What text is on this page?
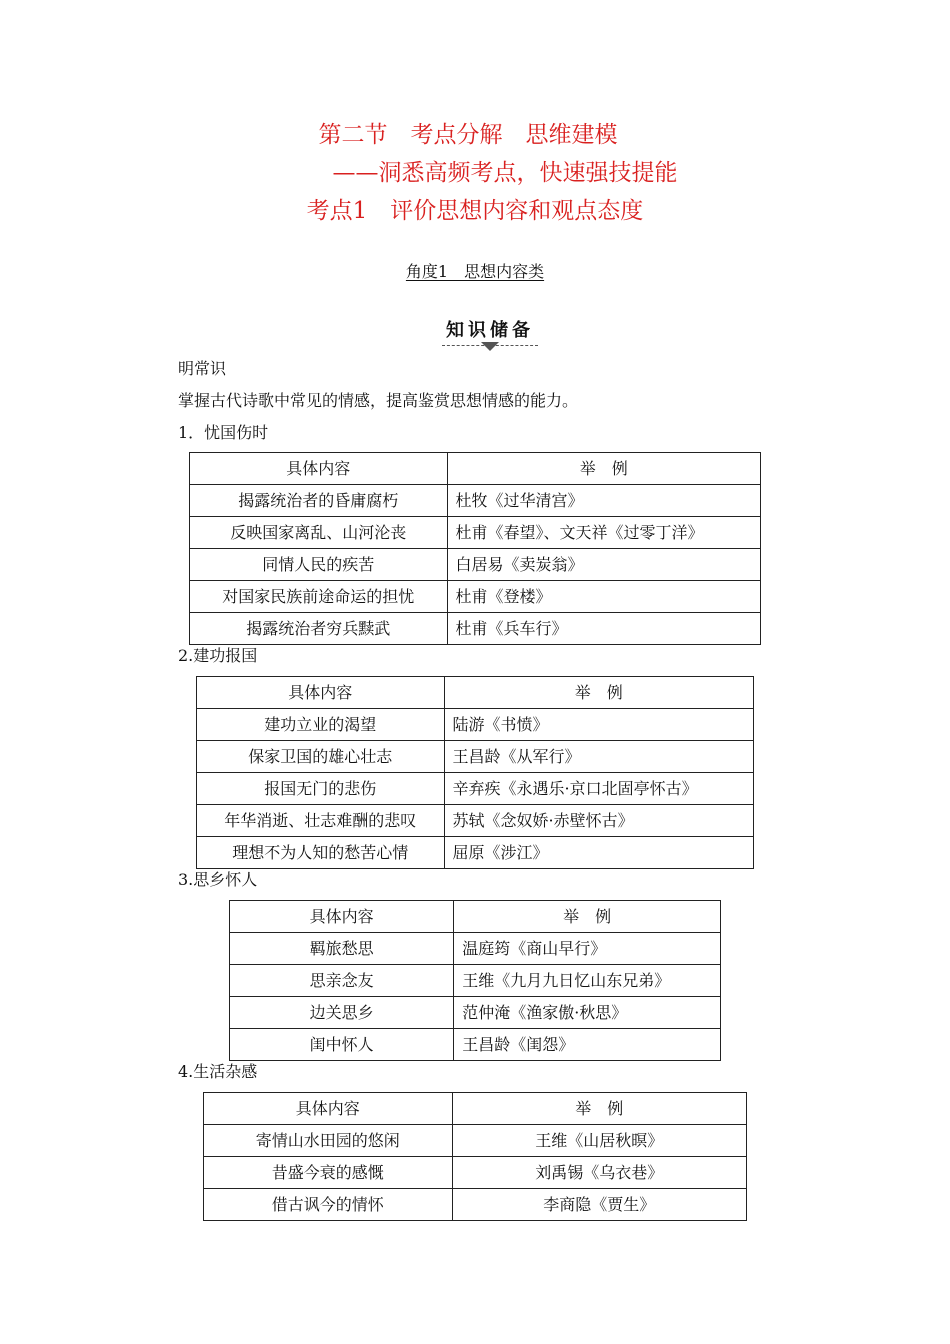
第二节　考点分解　思维建模
——洞悉高频考点，快速强技提能
考点1　评价思想内容和观点态度
角度1　思想内容类
知识储备
明常识
掌握古代诗歌中常见的情感，提高鉴赏思想情感的能力。
1．忧国伤时
具体内容	举　例
揭露统治者的昏庸腐朽	杜牧《过华清宫》
反映国家离乱、山河沦丧	杜甫《春望》、文天祥《过零丁洋》
同情人民的疾苦	白居易《卖炭翁》
对国家民族前途命运的担忧	杜甫《登楼》
揭露统治者穷兵黩武	杜甫《兵车行》
2.建功报国
具体内容	举　例
建功立业的渴望	陆游《书愤》
保家卫国的雄心壮志	王昌龄《从军行》
报国无门的悲伤	辛弃疾《永遇乐·京口北固亭怀古》
年华消逝、壮志难酬的悲叹	苏轼《念奴娇·赤壁怀古》
理想不为人知的愁苦心情	屈原《涉江》
3.思乡怀人
具体内容	举　例
羁旅愁思	温庭筠《商山早行》
思亲念友	王维《九月九日忆山东兄弟》
边关思乡	范仲淹《渔家傲·秋思》
闺中怀人	王昌龄《闺怨》
4.生活杂感
具体内容	举　例
寄情山水田园的悠闲	王维《山居秋暝》
昔盛今衰的感慨	刘禹锡《乌衣巷》
借古讽今的情怀	李商隐《贾生》
